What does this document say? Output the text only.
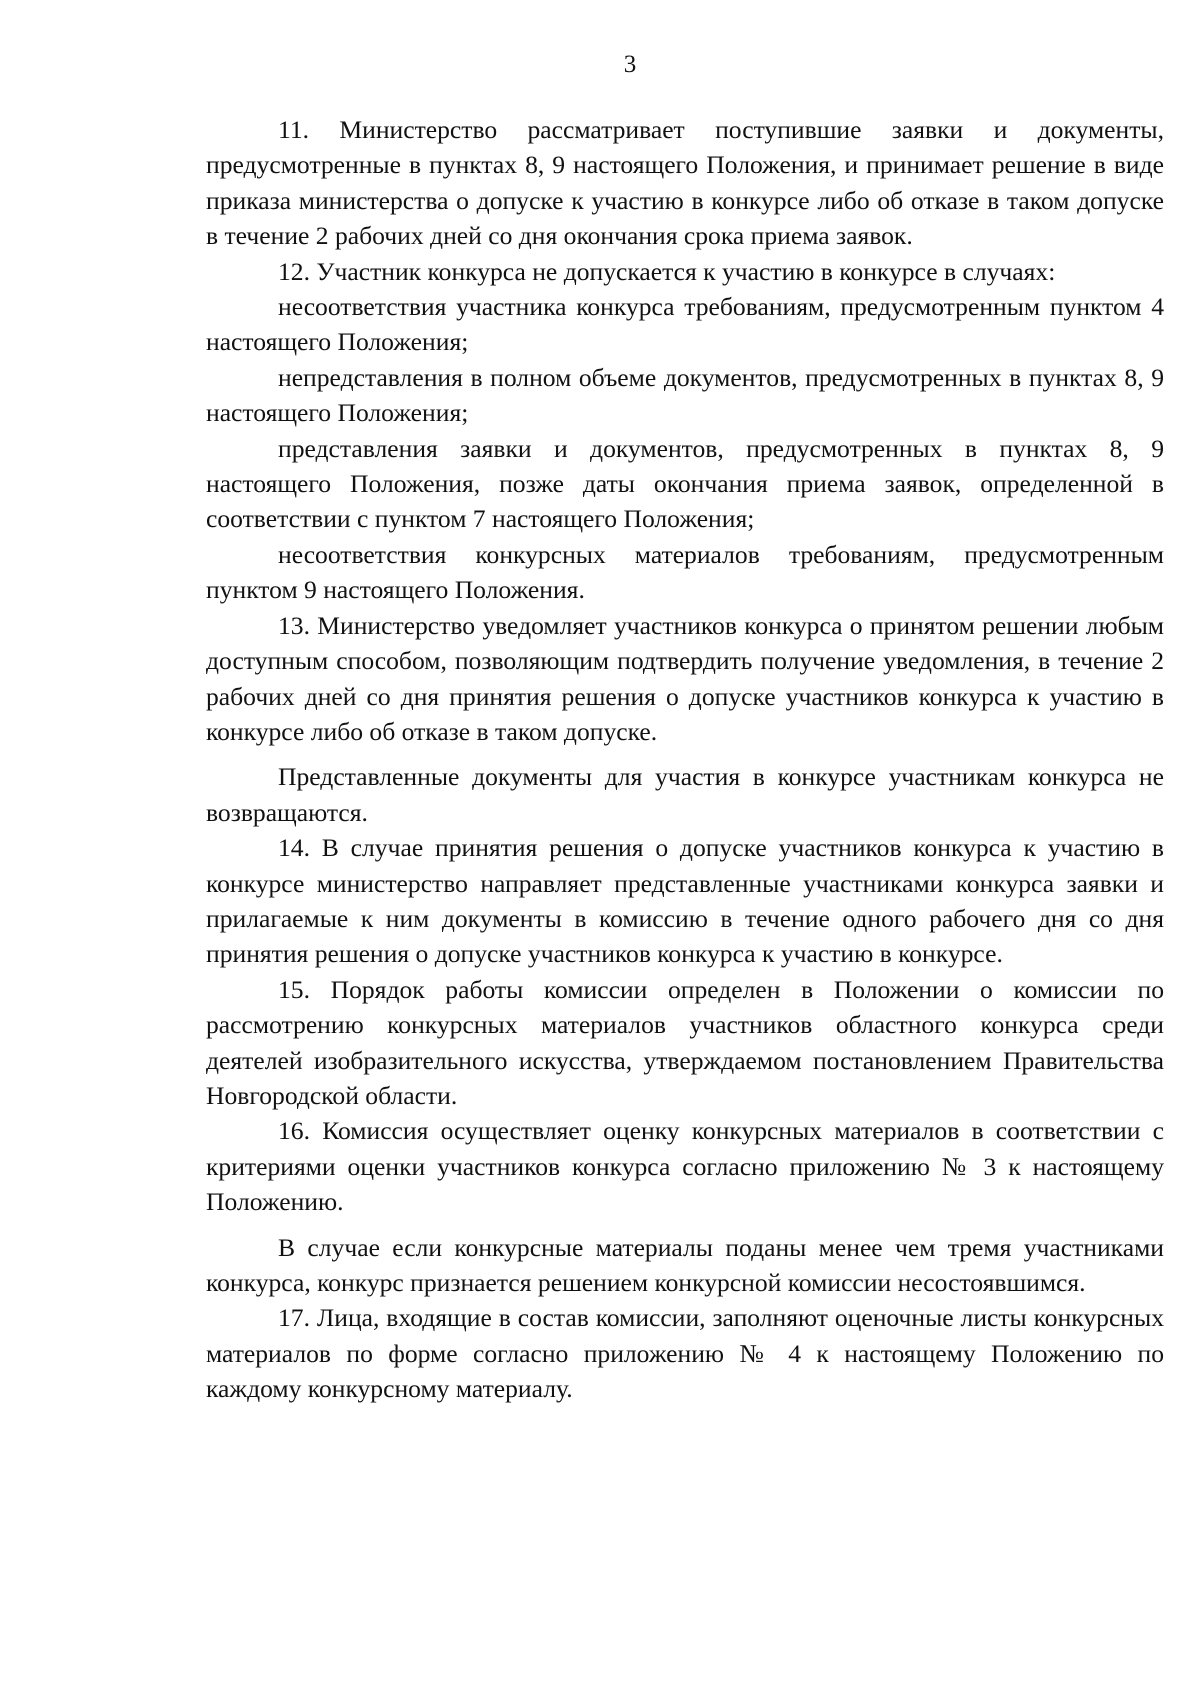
3

11. Министерство рассматривает поступившие заявки и документы, предусмотренные в пунктах 8, 9 настоящего Положения, и принимает решение в виде приказа министерства о допуске к участию в конкурсе либо об отказе в таком допуске в течение 2 рабочих дней со дня окончания срока приема заявок.

12. Участник конкурса не допускается к участию в конкурсе в случаях:

несоответствия участника конкурса требованиям, предусмотренным пунктом 4 настоящего Положения;

непредставления в полном объеме документов, предусмотренных в пунктах 8, 9 настоящего Положения;

представления заявки и документов, предусмотренных в пунктах 8, 9 настоящего Положения, позже даты окончания приема заявок, определенной в соответствии с пунктом 7 настоящего Положения;

несоответствия конкурсных материалов требованиям, предусмотренным пунктом 9 настоящего Положения.

13. Министерство уведомляет участников конкурса о принятом решении любым доступным способом, позволяющим подтвердить получение уведомления, в течение 2 рабочих дней со дня принятия решения о допуске участников конкурса к участию в конкурсе либо об отказе в таком допуске.

Представленные документы для участия в конкурсе участникам конкурса не возвращаются.

14. В случае принятия решения о допуске участников конкурса к участию в конкурсе министерство направляет представленные участниками конкурса заявки и прилагаемые к ним документы в комиссию в течение одного рабочего дня со дня принятия решения о допуске участников конкурса к участию в конкурсе.

15. Порядок работы комиссии определен в Положении о комиссии по рассмотрению конкурсных материалов участников областного конкурса среди деятелей изобразительного искусства, утверждаемом постановлением Правительства Новгородской области.

16. Комиссия осуществляет оценку конкурсных материалов в соответствии с критериями оценки участников конкурса согласно приложению № 3 к настоящему Положению.

В случае если конкурсные материалы поданы менее чем тремя участниками конкурса, конкурс признается решением конкурсной комиссии несостоявшимся.

17. Лица, входящие в состав комиссии, заполняют оценочные листы конкурсных материалов по форме согласно приложению № 4 к настоящему Положению по каждому конкурсному материалу.
